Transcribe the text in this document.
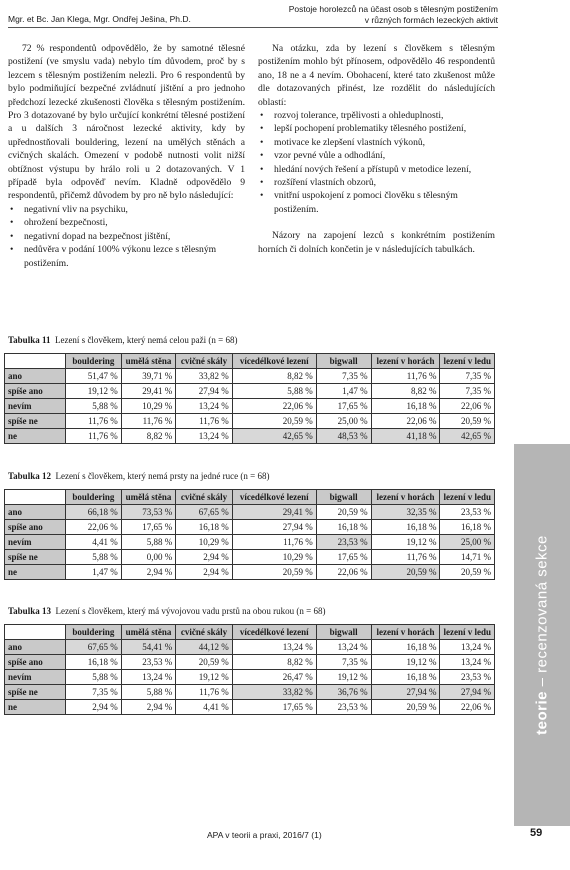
Mgr. et Bc. Jan Klega, Mgr. Ondřej Ješina, Ph.D.
Postoje horolezců na účast osob s tělesným postižením
v různých formách lezeckých aktivit

72 % respondentů odpovědělo, že by samotné tělesné postižení (ve smyslu vada) nebylo tím důvodem, proč by s lezcem s tělesným postižením nelezli. Pro 6 respondentů by bylo podmiňující bezpečné zvládnutí jištění a pro jednoho předchozí lezecké zkušenosti člověka s tělesným postižením. Pro 3 dotazované by bylo určující konkrétní tělesné postižení a u dalších 3 náročnost lezecké aktivity, kdy by upřednostňovali bouldering, lezení na umělých stěnách a cvičných skalách. Omezení v podobě nutnosti volit nižší obtížnost výstupu by hrálo roli u 2 dotazovaných. V 1 případě byla odpověď nevím. Kladně odpovědělo 9 respondentů, přičemž důvodem by pro ně bylo následující:

• negativní vliv na psychiku,
• ohrožení bezpečnosti,
• negativní dopad na bezpečnost jištění,
• nedůvěra v podání 100% výkonu lezce s tělesným postižením.

Na otázku, zda by lezení s člověkem s tělesným postižením mohlo být přínosem, odpovědělo 46 respondentů ano, 18 ne a 4 nevím. Obohacení, které tato zkušenost může dle dotazovaných přinést, lze rozdělit do následujících oblastí:

• rozvoj tolerance, trpělivosti a ohleduplnosti,
• lepší pochopení problematiky tělesného postižení,
• motivace ke zlepšení vlastních výkonů,
• vzor pevné vůle a odhodlání,
• hledání nových řešení a přístupů v metodice lezení,
• rozšíření vlastních obzorů,
• vnitřní uspokojení z pomoci člověku s tělesným postižením.

Názory na zapojení lezců s konkrétním postižením horních či dolních končetin je v následujících tabulkách.

Tabulka 11 Lezení s člověkem, který nemá celou paži (n = 68)
	bouldering	umělá stěna	cvičné skály	vícedélkové lezení	bigwall	lezení v horách	lezení v ledu
ano	51,47 %	39,71 %	33,82 %	8,82 %	7,35 %	11,76 %	7,35 %
spíše ano	19,12 %	29,41 %	27,94 %	5,88 %	1,47 %	8,82 %	7,35 %
nevím	5,88 %	10,29 %	13,24 %	22,06 %	17,65 %	16,18 %	22,06 %
spíše ne	11,76 %	11,76 %	11,76 %	20,59 %	25,00 %	22,06 %	20,59 %
ne	11,76 %	8,82 %	13,24 %	42,65 %	48,53 %	41,18 %	42,65 %
Tabulka 12 Lezení s člověkem, který nemá prsty na jedné ruce (n = 68)
	bouldering	umělá stěna	cvičné skály	vícedélkové lezení	bigwall	lezení v horách	lezení v ledu
ano	66,18 %	73,53 %	67,65 %	29,41 %	20,59 %	32,35 %	23,53 %
spíše ano	22,06 %	17,65 %	16,18 %	27,94 %	16,18 %	16,18 %	16,18 %
nevím	4,41 %	5,88 %	10,29 %	11,76 %	23,53 %	19,12 %	25,00 %
spíše ne	5,88 %	0,00 %	2,94 %	10,29 %	17,65 %	11,76 %	14,71 %
ne	1,47 %	2,94 %	2,94 %	20,59 %	22,06 %	20,59 %	20,59 %
Tabulka 13 Lezení s člověkem, který má vývojovou vadu prstů na obou rukou (n = 68)
	bouldering	umělá stěna	cvičné skály	vícedélkové lezení	bigwall	lezení v horách	lezení v ledu
ano	67,65 %	54,41 %	44,12 %	13,24 %	13,24 %	16,18 %	13,24 %
spíše ano	16,18 %	23,53 %	20,59 %	8,82 %	7,35 %	19,12 %	13,24 %
nevím	5,88 %	13,24 %	19,12 %	26,47 %	19,12 %	16,18 %	23,53 %
spíše ne	7,35 %	5,88 %	11,76 %	33,82 %	36,76 %	27,94 %	27,94 %
ne	2,94 %	2,94 %	4,41 %	17,65 %	23,53 %	20,59 %	22,06 %	teorie – recenzovaná sekce
APA v teorii a praxi, 2016/7 (1)	59
